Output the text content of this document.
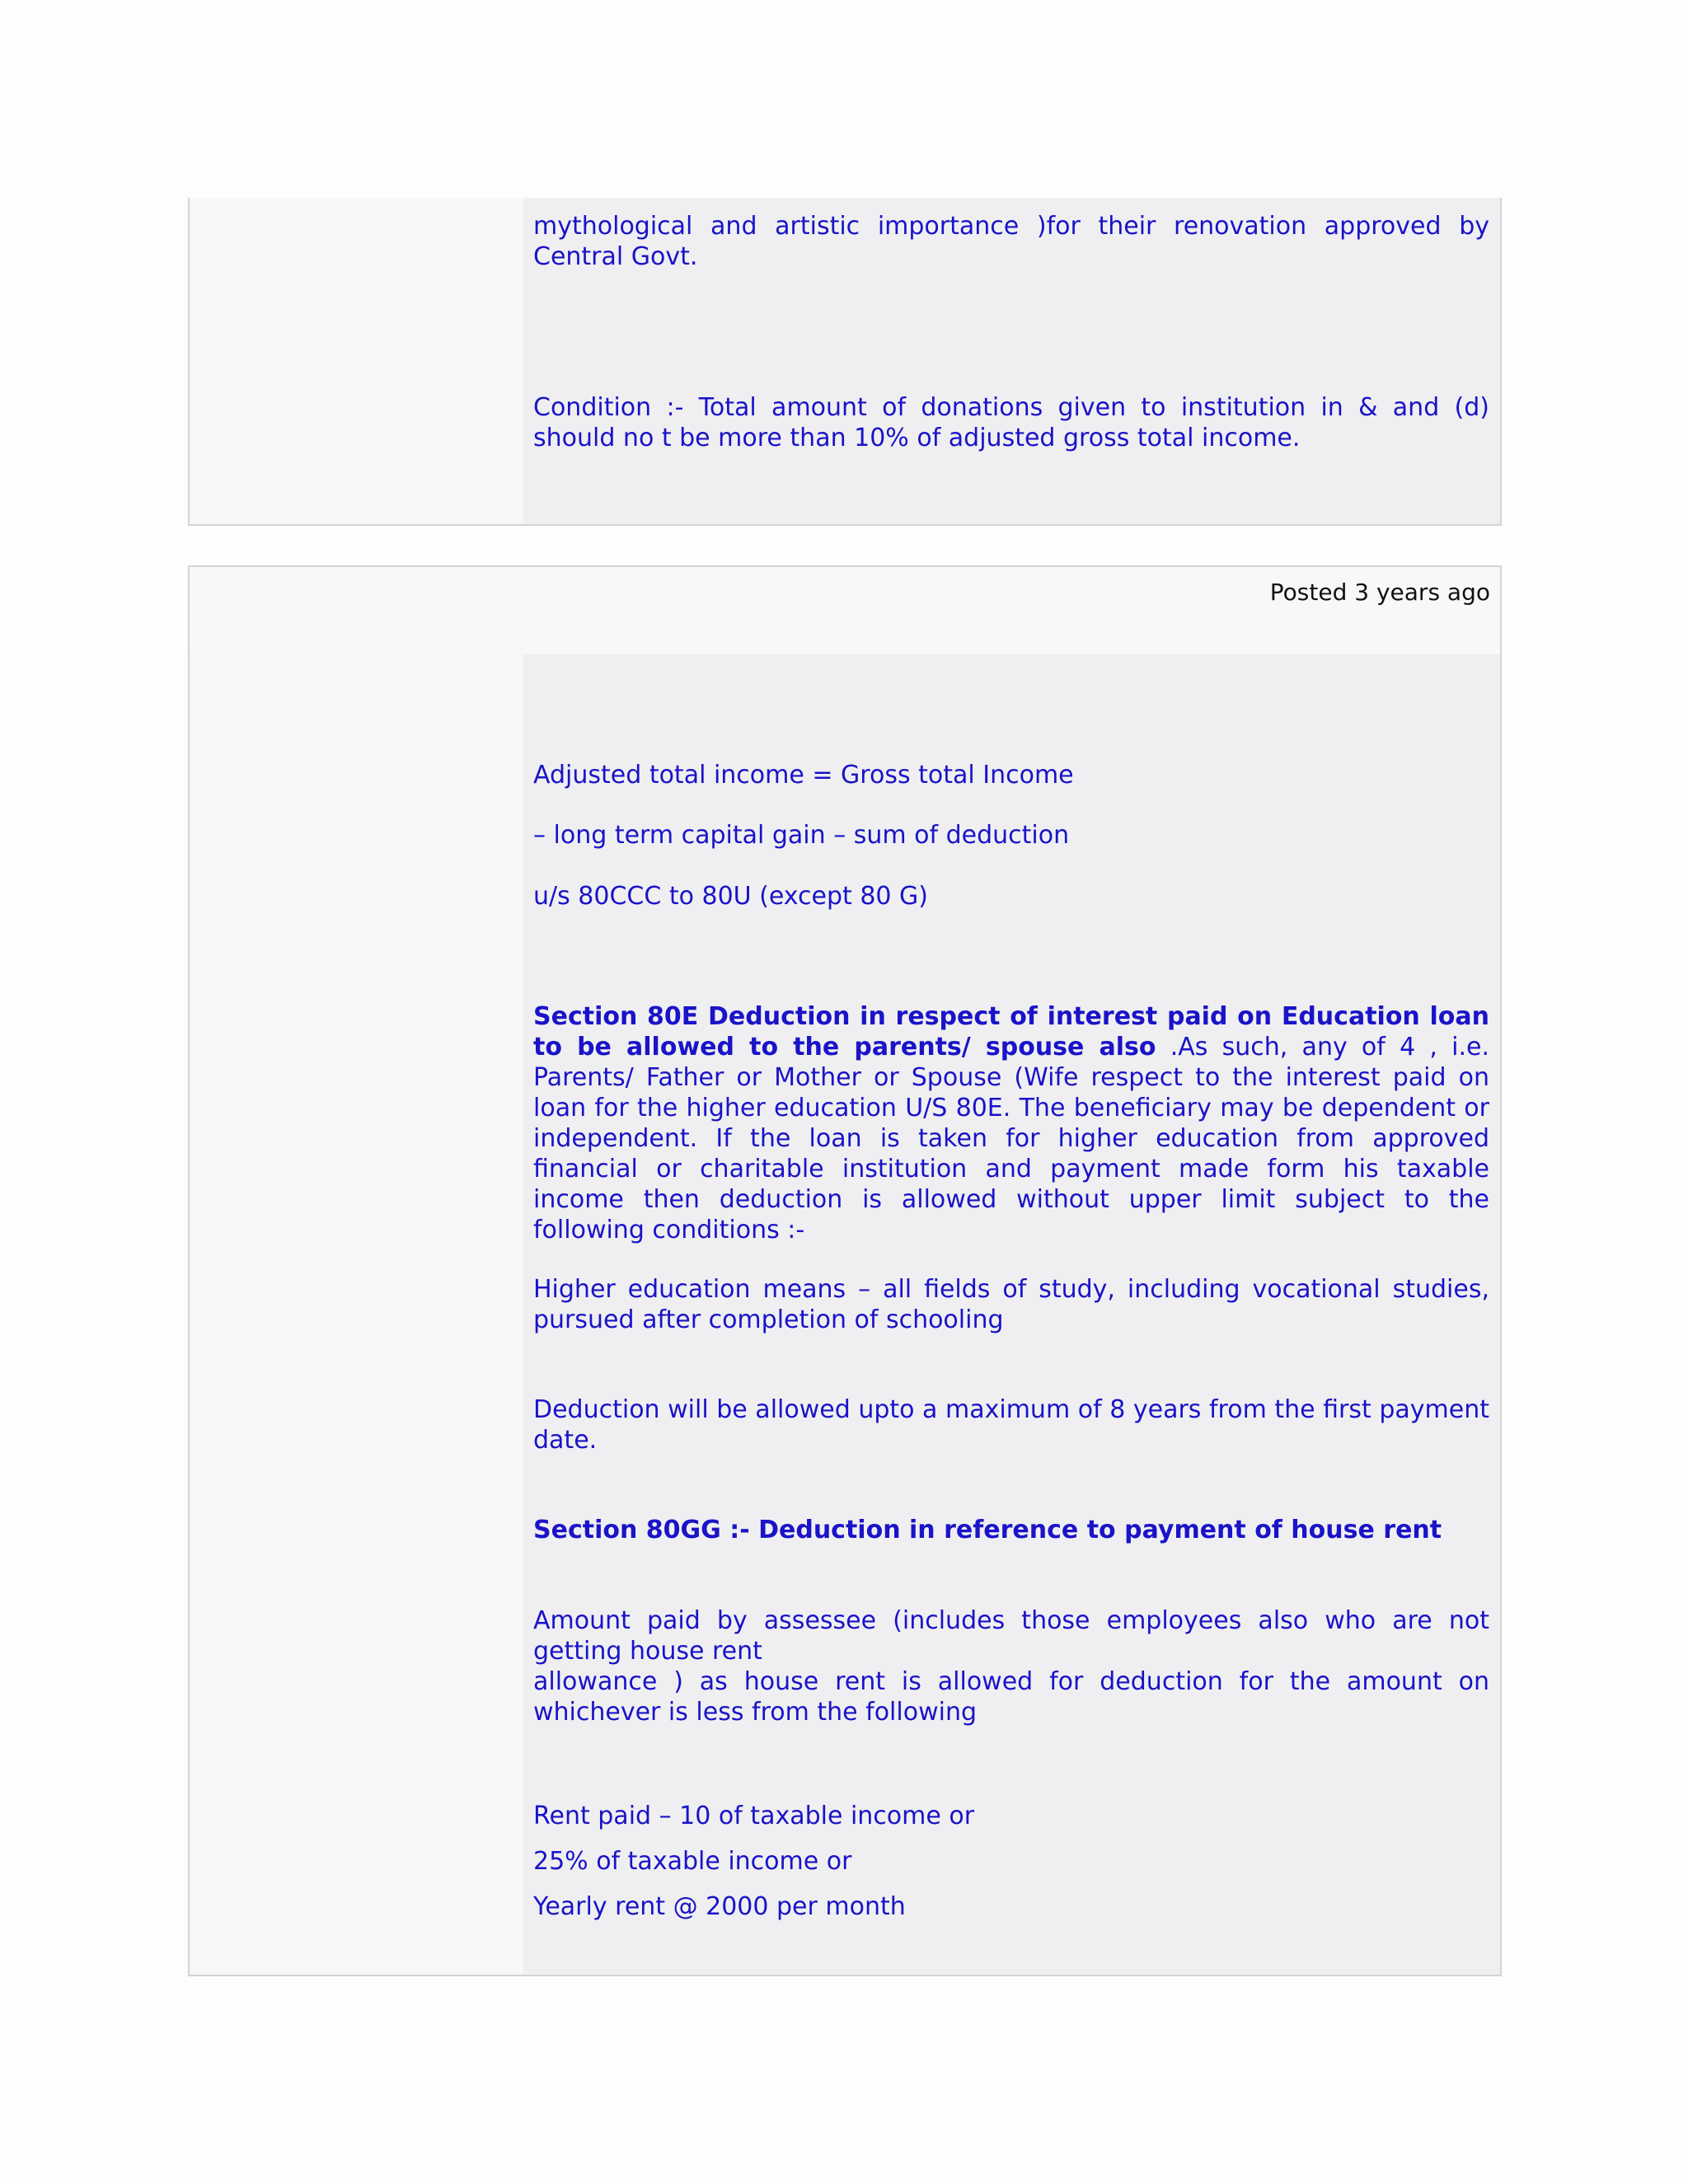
mythological and artistic importance )for their renovation approved by Central Govt.

Condition :- Total amount of donations given to institution in & and (d) should no t be more than 10% of adjusted gross total income.

Posted 3 years ago

Adjusted total income = Gross total Income

– long term capital gain – sum of deduction

u/s 80CCC to 80U (except 80 G)

Section 80E Deduction in respect of interest paid on Education loan to be allowed to the parents/ spouse also .As such, any of 4 , i.e. Parents/ Father or Mother or Spouse (Wife respect to the interest paid on loan for the higher education U/S 80E. The beneficiary may be dependent or independent. If the loan is taken for higher education from approved financial or charitable institution and payment made form his taxable income then deduction is allowed without upper limit subject to the following conditions :-

Higher education means – all fields of study, including vocational studies, pursued after completion of schooling

Deduction will be allowed upto a maximum of 8 years from the first payment date.

Section 80GG :- Deduction in reference to payment of house rent

Amount paid by assessee (includes those employees also who are not getting house rent

allowance ) as house rent is allowed for deduction for the amount on whichever is less from the following

Rent paid – 10 of taxable income or

25% of taxable income or

Yearly rent @ 2000 per month
